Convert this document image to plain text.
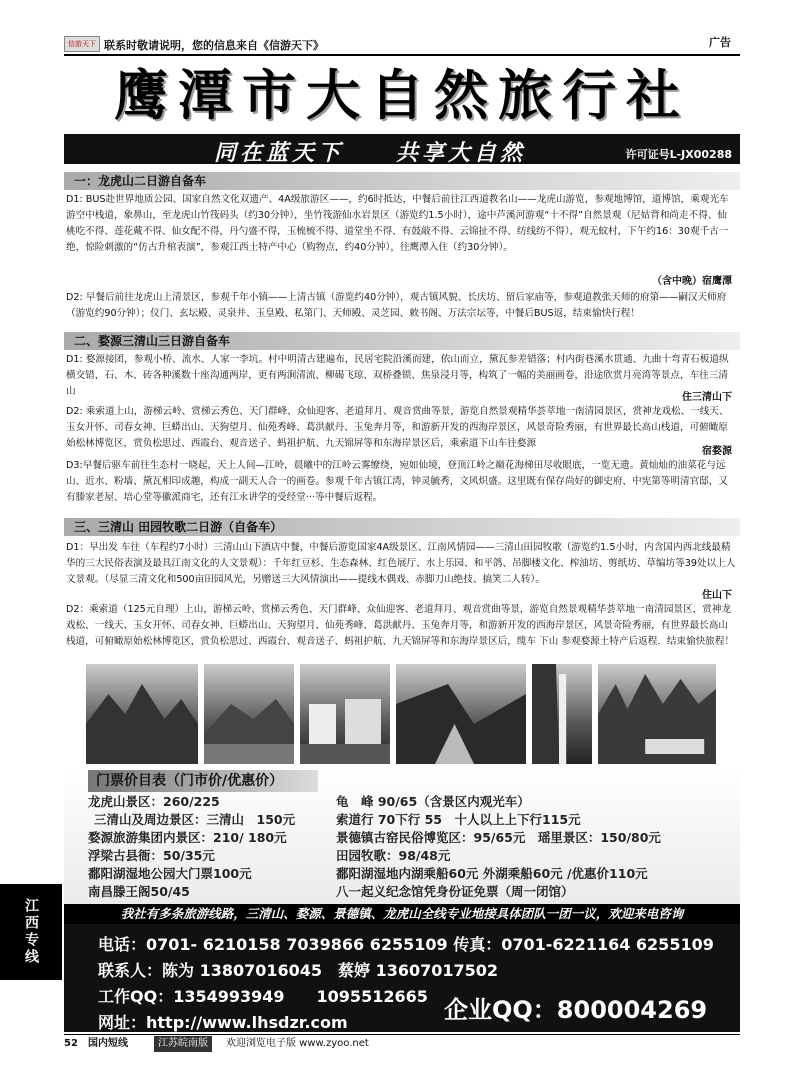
信游天下 联系时敬请说明，您的信息来自《信游天下》	广告
鹰潭市大自然旅行社
同在蓝天下　　共享大自然	许可证号L-JX00288
一：龙虎山二日游自备车
D1: BUS赴世界地质公园、国家自然文化双遗产、4A级旅游区——，约6时抵达，中餐后前往江西道教名山——龙虎山游览，参观地博馆，道博馆，乘观光车游空中栈道，象鼻山，至龙虎山竹筏码头（约30分钟），坐竹筏游仙水岩景区（游览约1.5小时），途中芦溪河游观“十不得”自然景观（尼姑背和尚走不得、仙桃吃不得、莲花戴不得、仙女配不得，丹勺盛不得，玉梳梳不得、道堂坐不得、有鼓敲不得、云锦扯不得、纺线纺不得），观无蚊村，下午约16：30观千古一绝，惊险刺激的“仿古升棺表演”，参观江西土特产中心（购物点，约40分钟），往鹰潭入住（约30分钟）。
（含中晚）宿鹰潭
D2: 早餐后前往龙虎山上清景区，参观千年小镇——上清古镇（游览约40分钟），观古镇风貌、长庆坊、留后家庙等，参观道教张天师的府第——嗣汉天师府（游览约90分钟）；仪门、玄坛殿、灵泉井、玉皇殿、私第门、天师殿、灵芝园、敕书阁、万法宗坛等，中餐后BUS返，结束愉快行程！
二、婺源三清山三日游自备车
D1: 婺源接团，参观小桥、流水、人家一李坑。村中明清古建遍布，民居宅院沿溪而建，依山而立，黛瓦参差错落；村内街巷溪水贯通、九曲十弯青石板道纵横交错，石、木、砖各种溪数十座沟通两岸，更有两涧清流、柳碣飞琼、双桥叠锁、焦泉浸月等，构筑了一幅的美丽画卷，沿途欣赏月亮湾等景点，车往三清山
住三清山下
D2: 乘索道上山，游梯云岭、赏梯云秀色、天门群峰、众仙迎客、老道拜月、观音赏曲等景，游览自然景观精华荟萃地一南清园景区，赏神龙戏松、一线天、玉女开怀、司春女神、巨蟒出山、天狗望月、仙苑秀峰、葛洪献丹、玉兔奔月等，和游新开发的西海岸景区，风景奇险秀丽，有世界最长高山栈道，可俯瞰原始松林博览区，赏负松思过、西霞台、观音送子、蚂祖护航、九天锦屏等和东海岸景区后，乘索道下山车往婺源
宿婺源
D3:早餐后驱车前往生态村一晓起，天上人间—江岭，晨曦中的江岭云雾缭绕，宛如仙境，登顶江岭之巅花海梯田尽收眼底，一览无遗。黄灿灿的油菜花与远山、近水、粉墙、黛瓦相印成趣，构成一副天人合一的画卷。参观千年古镇江湾，钟灵毓秀，文风炽盛。这里既有保存尚好的御史府、中宪第等明清官邸，又有滕家老屋、培心堂等徽派商宅，还有江永讲学的受经堂···等中餐后返程。
三、三清山 田园牧歌二日游（自备车）
D1：早出发 车往（车程约7小时）三清山山下酒店中餐，中餐后游览国家4A级景区、江南风情园——三清山田园牧歌（游览约1.5小时，内含国内西北线最精华的三大民俗表演及最具江南文化的人文景观）：千年红豆杉、生态森林、红色展厅、水上乐园、和平鸽、吊脚楼文化、榨油坊、剪纸坊、草编坊等39处以上人文景观。（尽显三清文化和500亩田园风光，另赠送三大风情演出——提线木偶戏、赤脚刀山绝技、搞笑二人转）。
住山下
D2：乘索道（125元自理）上山，游梯云岭、赏梯云秀色、天门群峰、众仙迎客、老道拜月、观音赏曲等景，游览自然景观精华荟萃地一南清园景区，赏神龙戏松、一线天、玉女开怀、司春女神、巨蟒出山、天狗望月、仙苑秀峰、葛洪献丹、玉兔奔月等，和游新开发的西海岸景区，风景奇险秀丽，有世界最长高山栈道，可俯瞰原始松林博览区，赏负松思过、西霞台、观音送子、蚂祖护航、九天锦屏等和东海岸景区后，缆车 下山 参观婺源土特产后返程．结束愉快旅程！
门票价目表（门市价/优惠价）
龙虎山景区：260/225	龟　峰 90/65（含景区内观光车）
三清山及周边景区：三清山　150元	索道行 70下行 55　十人以上上下行115元
婺源旅游集团内景区：210/ 180元	景德镇古窑民俗博览区：95/65元　瑶里景区：150/80元
浮梁古县衙：50/35元	田园牧歌：98/48元
鄱阳湖湿地公园大门票100元	鄱阳湖湿地内湖乘船60元 外湖乘船60元 /优惠价110元
南昌滕王阁50/45	八一起义纪念馆凭身份证免票（周一闭馆）
我社有多条旅游线路，三清山、婺源、景德镇、龙虎山全线专业地接具体团队一团一议，欢迎来电咨询
电话：0701- 6210158 7039866 6255109 传真：0701-6221164 6255109
联系人：陈为 13807016045　蔡婷 13607017502
工作QQ：1354993949　　1095512665
网址：http://www.lhsdzr.com	企业QQ：800004269
江西专线
52 国内短线	江苏皖南版	欢迎浏览电子版 www.zyoo.net
